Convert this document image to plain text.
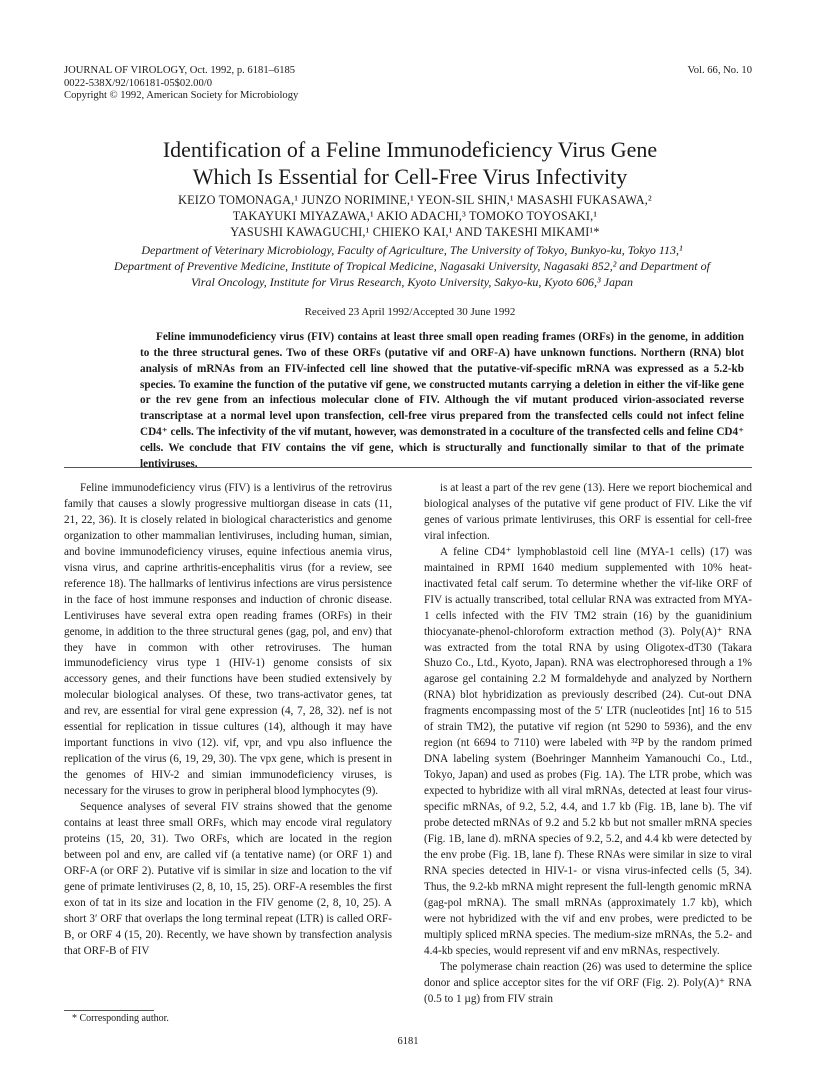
JOURNAL OF VIROLOGY, Oct. 1992, p. 6181–6185
0022-538X/92/106181-05$02.00/0
Copyright © 1992, American Society for Microbiology
Vol. 66, No. 10
Identification of a Feline Immunodeficiency Virus Gene
Which Is Essential for Cell-Free Virus Infectivity
KEIZO TOMONAGA,¹ JUNZO NORIMINE,¹ YEON-SIL SHIN,¹ MASASHI FUKASAWA,²
TAKAYUKI MIYAZAWA,¹ AKIO ADACHI,³ TOMOKO TOYOSAKI,¹
YASUSHI KAWAGUCHI,¹ CHIEKO KAI,¹ AND TAKESHI MIKAMI¹*
Department of Veterinary Microbiology, Faculty of Agriculture, The University of Tokyo, Bunkyo-ku, Tokyo 113,¹ Department of Preventive Medicine, Institute of Tropical Medicine, Nagasaki University, Nagasaki 852,² and Department of Viral Oncology, Institute for Virus Research, Kyoto University, Sakyo-ku, Kyoto 606,³ Japan
Received 23 April 1992/Accepted 30 June 1992

Feline immunodeficiency virus (FIV) contains at least three small open reading frames (ORFs) in the genome, in addition to the three structural genes. Two of these ORFs (putative vif and ORF-A) have unknown functions. Northern (RNA) blot analysis of mRNAs from an FIV-infected cell line showed that the putative-vif-specific mRNA was expressed as a 5.2-kb species. To examine the function of the putative vif gene, we constructed mutants carrying a deletion in either the vif-like gene or the rev gene from an infectious molecular clone of FIV. Although the vif mutant produced virion-associated reverse transcriptase at a normal level upon transfection, cell-free virus prepared from the transfected cells could not infect feline CD4⁺ cells. The infectivity of the vif mutant, however, was demonstrated in a coculture of the transfected cells and feline CD4⁺ cells. We conclude that FIV contains the vif gene, which is structurally and functionally similar to that of the primate lentiviruses.

Feline immunodeficiency virus (FIV) is a lentivirus of the retrovirus family that causes a slowly progressive multiorgan disease in cats (11, 21, 22, 36). It is closely related in biological characteristics and genome organization to other mammalian lentiviruses, including human, simian, and bovine immunodeficiency viruses, equine infectious anemia virus, visna virus, and caprine arthritis-encephalitis virus (for a review, see reference 18). The hallmarks of lentivirus infections are virus persistence in the face of host immune responses and induction of chronic disease. Lentiviruses have several extra open reading frames (ORFs) in their genome, in addition to the three structural genes (gag, pol, and env) that they have in common with other retroviruses. The human immunodeficiency virus type 1 (HIV-1) genome consists of six accessory genes, and their functions have been studied extensively by molecular biological analyses. Of these, two trans-activator genes, tat and rev, are essential for viral gene expression (4, 7, 28, 32). nef is not essential for replication in tissue cultures (14), although it may have important functions in vivo (12). vif, vpr, and vpu also influence the replication of the virus (6, 19, 29, 30). The vpx gene, which is present in the genomes of HIV-2 and simian immunodeficiency viruses, is necessary for the viruses to grow in peripheral blood lymphocytes (9).

Sequence analyses of several FIV strains showed that the genome contains at least three small ORFs, which may encode viral regulatory proteins (15, 20, 31). Two ORFs, which are located in the region between pol and env, are called vif (a tentative name) (or ORF 1) and ORF-A (or ORF 2). Putative vif is similar in size and location to the vif gene of primate lentiviruses (2, 8, 10, 15, 25). ORF-A resembles the first exon of tat in its size and location in the FIV genome (2, 8, 10, 25). A short 3′ ORF that overlaps the long terminal repeat (LTR) is called ORF-B, or ORF 4 (15, 20). Recently, we have shown by transfection analysis that ORF-B of FIV

is at least a part of the rev gene (13). Here we report biochemical and biological analyses of the putative vif gene product of FIV. Like the vif genes of various primate lentiviruses, this ORF is essential for cell-free viral infection.

A feline CD4⁺ lymphoblastoid cell line (MYA-1 cells) (17) was maintained in RPMI 1640 medium supplemented with 10% heat-inactivated fetal calf serum. To determine whether the vif-like ORF of FIV is actually transcribed, total cellular RNA was extracted from MYA-1 cells infected with the FIV TM2 strain (16) by the guanidinium thiocyanate-phenol-chloroform extraction method (3). Poly(A)⁺ RNA was extracted from the total RNA by using Oligotex-dT30 (Takara Shuzo Co., Ltd., Kyoto, Japan). RNA was electrophoresed through a 1% agarose gel containing 2.2 M formaldehyde and analyzed by Northern (RNA) blot hybridization as previously described (24). Cut-out DNA fragments encompassing most of the 5′ LTR (nucleotides [nt] 16 to 515 of strain TM2), the putative vif region (nt 5290 to 5936), and the env region (nt 6694 to 7110) were labeled with ³²P by the random primed DNA labeling system (Boehringer Mannheim Yamanouchi Co., Ltd., Tokyo, Japan) and used as probes (Fig. 1A). The LTR probe, which was expected to hybridize with all viral mRNAs, detected at least four virus-specific mRNAs, of 9.2, 5.2, 4.4, and 1.7 kb (Fig. 1B, lane b). The vif probe detected mRNAs of 9.2 and 5.2 kb but not smaller mRNA species (Fig. 1B, lane d). mRNA species of 9.2, 5.2, and 4.4 kb were detected by the env probe (Fig. 1B, lane f). These RNAs were similar in size to viral RNA species detected in HIV-1- or visna virus-infected cells (5, 34). Thus, the 9.2-kb mRNA might represent the full-length genomic mRNA (gag-pol mRNA). The small mRNAs (approximately 1.7 kb), which were not hybridized with the vif and env probes, were predicted to be multiply spliced mRNA species. The medium-size mRNAs, the 5.2- and 4.4-kb species, would represent vif and env mRNAs, respectively.

The polymerase chain reaction (26) was used to determine the splice donor and splice acceptor sites for the vif ORF (Fig. 2). Poly(A)⁺ RNA (0.5 to 1 µg) from FIV strain

* Corresponding author.
6181
